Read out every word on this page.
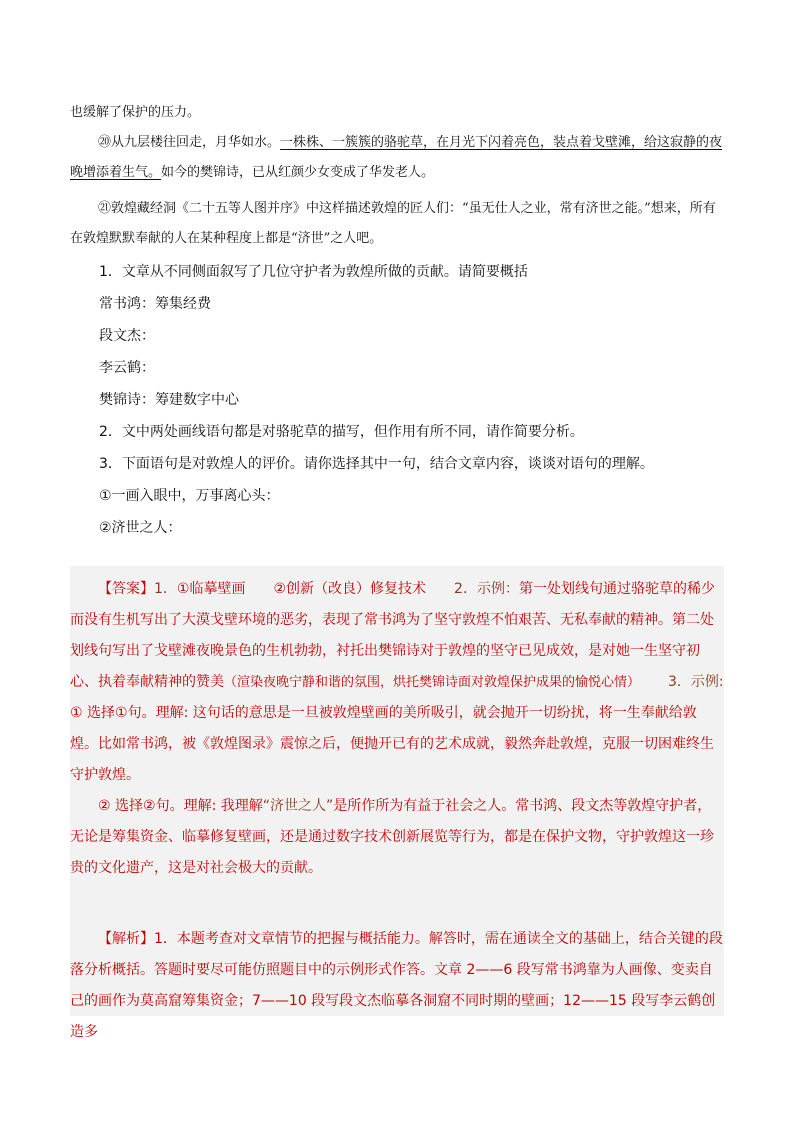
也缓解了保护的压力。

⑳从九层楼往回走，月华如水。一株株、一簇簇的骆驼草，在月光下闪着亮色，装点着戈壁滩，给这寂静的夜晚增添着生气。如今的樊锦诗，已从红颜少女变成了华发老人。

㉑敦煌藏经洞《二十五等人图并序》中这样描述敦煌的匠人们：“虽无仕人之业，常有济世之能。”想来，所有在敦煌默默奉献的人在某种程度上都是“济世”之人吧。

1．文章从不同侧面叙写了几位守护者为敦煌所做的贡献。请简要概括

常书鸿：筹集经费

段文杰：

李云鹤：

樊锦诗：筹建数字中心

2．文中两处画线语句都是对骆驼草的描写，但作用有所不同，请作简要分析。

3．下面语句是对敦煌人的评价。请你选择其中一句，结合文章内容，谈谈对语句的理解。

①一画入眼中，万事离心头：

②济世之人：

【答案】1．①临摹壁画 ②创新（改良）修复技术 2．示例：第一处划线句通过骆驼草的稀少而没有生机写出了大漠戈壁环境的恶劣，表现了常书鸿为了坚守敦煌不怕艰苦、无私奉献的精神。第二处划线句写出了戈壁滩夜晚景色的生机勃勃，衬托出樊锦诗对于敦煌的坚守已见成效，是对她一生坚守初心、执着奉献精神的赞美（渲染夜晚宁静和谐的氛围，烘托樊锦诗面对敦煌保护成果的愉悦心情） 3．示例:

① 选择①句。理解: 这句话的意思是一旦被敦煌壁画的美所吸引，就会抛开一切纷扰，将一生奉献给敦煌。比如常书鸿，被《敦煌图录》震惊之后，便抛开已有的艺术成就，毅然奔赴敦煌，克服一切困难终生守护敦煌。

② 选择②句。理解: 我理解“济世之人”是所作所为有益于社会之人。常书鸿、段文杰等敦煌守护者，无论是筹集资金、临摹修复壁画，还是通过数字技术创新展览等行为，都是在保护文物，守护敦煌这一珍贵的文化遗产，这是对社会极大的贡献。

【解析】1．本题考查对文章情节的把握与概括能力。解答时，需在通读全文的基础上，结合关键的段落分析概括。答题时要尽可能仿照题目中的示例形式作答。文章 2——6 段写常书鸿靠为人画像、变卖自己的画作为莫高窟筹集资金；7——10 段写段文杰临摹各洞窟不同时期的壁画；12——15 段写李云鹤创造多
